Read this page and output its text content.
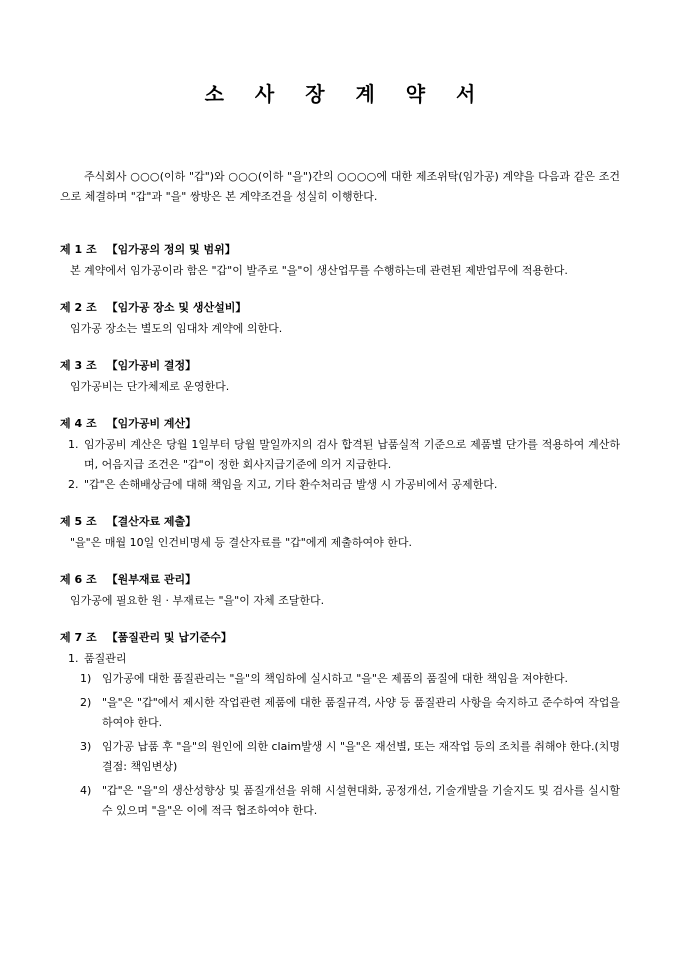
소 사 장 계 약 서

주식회사 ○○○(이하 "갑")와 ○○○(이하 "을")간의 ○○○○에 대한 제조위탁(임가공) 계약을 다음과 같은 조건으로 체결하며 "갑"과 "을" 쌍방은 본 계약조건을 성실히 이행한다.

제 1 조 【임가공의 정의 및 범위】
본 계약에서 임가공이라 함은 "갑"이 발주로 "을"이 생산업무를 수행하는데 관련된 제반업무에 적용한다.
제 2 조 【임가공 장소 및 생산설비】
임가공 장소는 별도의 임대차 계약에 의한다.
제 3 조 【임가공비 결정】
임가공비는 단가체제로 운영한다.
제 4 조 【임가공비 계산】
1. 임가공비 계산은 당월 1일부터 당월 말일까지의 검사 합격된 납품실적 기준으로 제품별 단가를 적용하여 계산하며, 어음지급 조건은 "갑"이 정한 회사지급기준에 의거 지급한다.
2. "갑"은 손해배상금에 대해 책임을 지고, 기타 환수처리금 발생 시 가공비에서 공제한다.
제 5 조 【결산자료 제출】
"을"은 매월 10일 인건비명세 등 결산자료를 "갑"에게 제출하여야 한다.
제 6 조 【원부재료 관리】
임가공에 필요한 원 · 부재료는 "을"이 자체 조달한다.
제 7 조 【품질관리 및 납기준수】
1. 품질관리
1) 임가공에 대한 품질관리는 "을"의 책임하에 실시하고 "을"은 제품의 품질에 대한 책임을 져야한다.
2) "을"은 "갑"에서 제시한 작업관련 제품에 대한 품질규격, 사양 등 품질관리 사항을 숙지하고 준수하여 작업을 하여야 한다.
3) 임가공 납품 후 "을"의 원인에 의한 claim발생 시 "을"은 재선별, 또는 재작업 등의 조치를 취해야 한다.(치명결점: 책임변상)
4) "갑"은 "을"의 생산성향상 및 품질개선을 위해 시설현대화, 공정개선, 기술개발을 기술지도 및 검사를 실시할 수 있으며 "을"은 이에 적극 협조하여야 한다.
